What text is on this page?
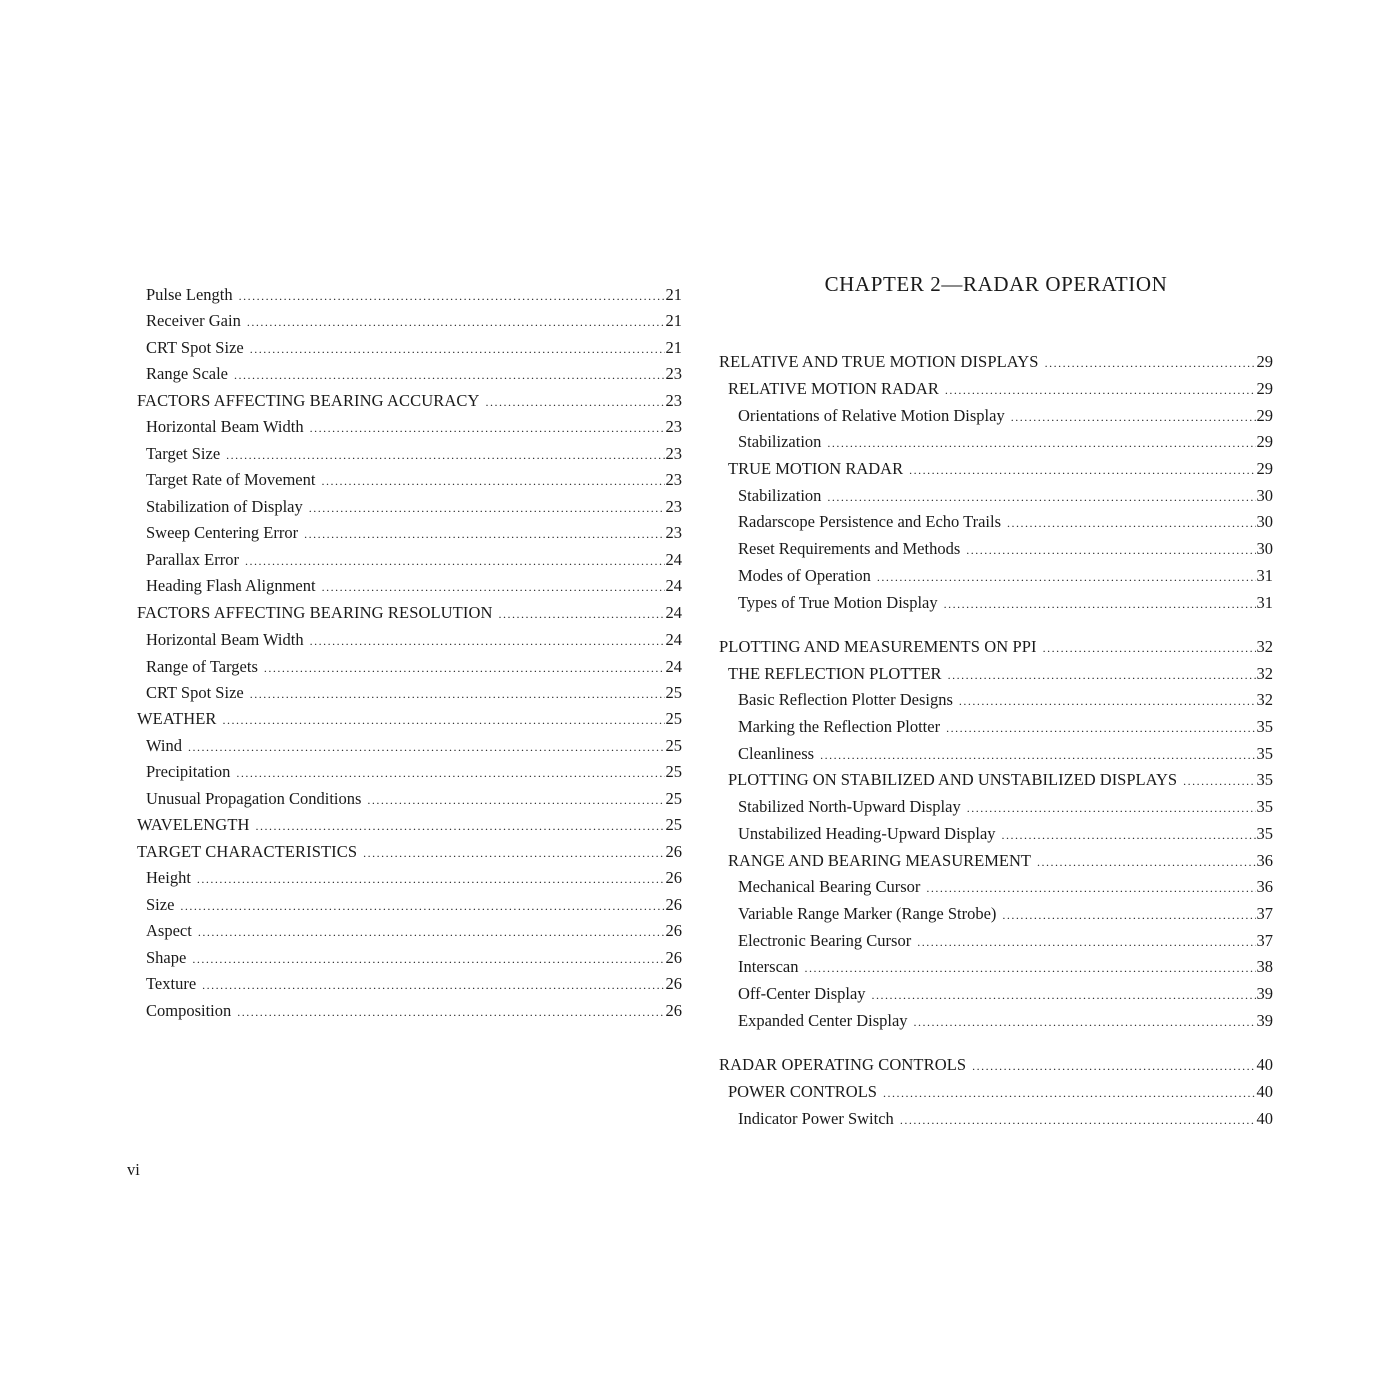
Pulse Length .....	21
Receiver Gain .....	21
CRT Spot Size .....	21
Range Scale .....	23
FACTORS AFFECTING BEARING ACCURACY .....	23
Horizontal Beam Width .....	23
Target Size .....	23
Target Rate of Movement .....	23
Stabilization of Display .....	23
Sweep Centering Error .....	23
Parallax Error .....	24
Heading Flash Alignment .....	24
FACTORS AFFECTING BEARING RESOLUTION .....	24
Horizontal Beam Width .....	24
Range of Targets .....	24
CRT Spot Size .....	25
WEATHER .....	25
Wind .....	25
Precipitation .....	25
Unusual Propagation Conditions .....	25
WAVELENGTH .....	25
TARGET CHARACTERISTICS .....	26
Height .....	26
Size .....	26
Aspect .....	26
Shape .....	26
Texture .....	26
Composition .....	26
CHAPTER 2—RADAR OPERATION
RELATIVE AND TRUE MOTION DISPLAYS .....	29
RELATIVE MOTION RADAR .....	29
Orientations of Relative Motion Display .....	29
Stabilization .....	29
TRUE MOTION RADAR .....	29
Stabilization .....	30
Radarscope Persistence and Echo Trails .....	30
Reset Requirements and Methods .....	30
Modes of Operation .....	31
Types of True Motion Display .....	31
PLOTTING AND MEASUREMENTS ON PPI .....	32
THE REFLECTION PLOTTER .....	32
Basic Reflection Plotter Designs .....	32
Marking the Reflection Plotter .....	35
Cleanliness .....	35
PLOTTING ON STABILIZED AND UNSTABILIZED DISPLAYS .....	35
Stabilized North-Upward Display .....	35
Unstabilized Heading-Upward Display .....	35
RANGE AND BEARING MEASUREMENT .....	36
Mechanical Bearing Cursor .....	36
Variable Range Marker (Range Strobe) .....	37
Electronic Bearing Cursor .....	37
Interscan .....	38
Off-Center Display .....	39
Expanded Center Display .....	39
RADAR OPERATING CONTROLS .....	40
POWER CONTROLS .....	40
Indicator Power Switch .....	40
vi
